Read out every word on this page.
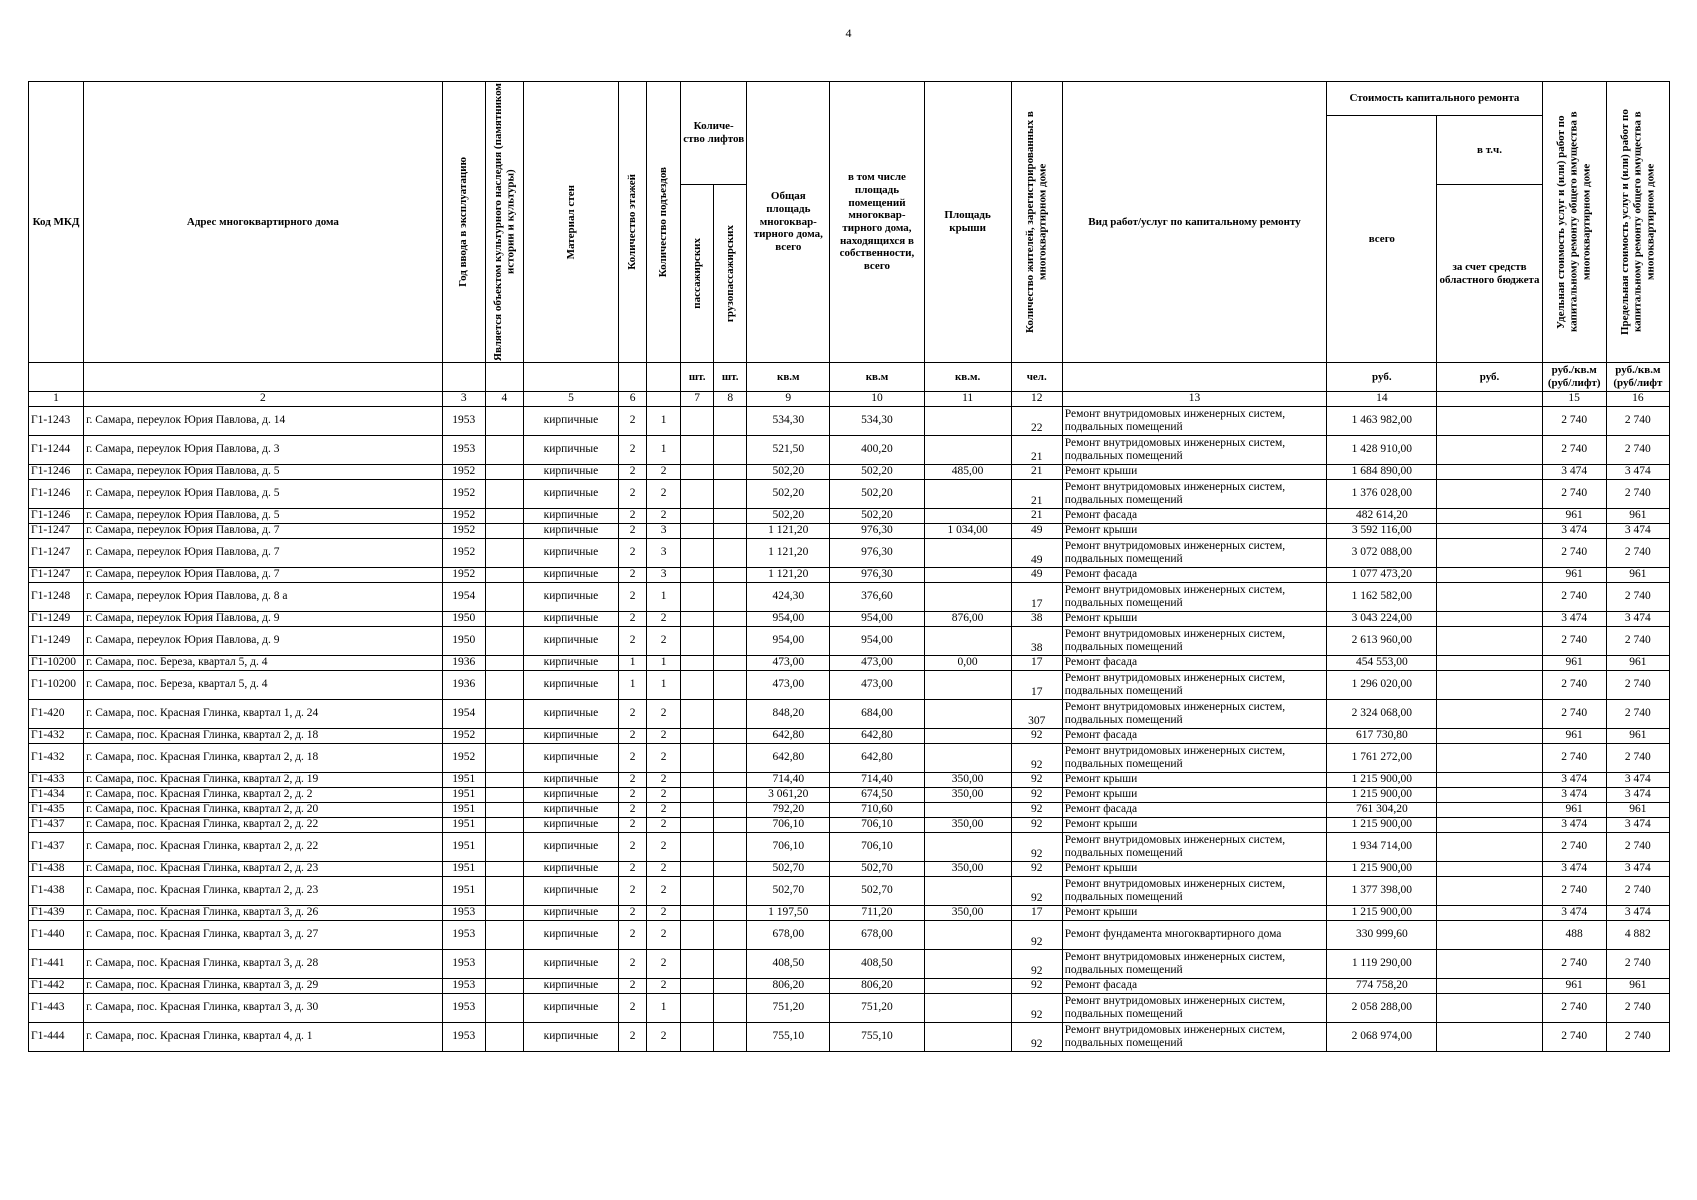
4
Код МКД	Адрес многоквартирного дома	Год ввода в эксплуатацию	Является объектом культурного наследия (памятником истории и культуры)	Материал стен	Количество этажей	Количество подъездов	Количе- ство лифтов		Общая площадь многоквар- тирного дома, всего	в том числе площадь помещений многоквар- тирного дома, находящихся в собственности, всего	Площадь крыши	Количество жителей, зарегистрированных в многоквартирном доме	Вид работ/услуг по капитальному ремонту	Стоимость капитального ремонта		Удельная стоимость услуг и (или) работ по капитальному ремонту общего имущества в многоквартирном доме	Предельная стоимость услуг и (или) работ по капитальному ремонту общего имущества в многоквартирном доме

														всего	в т.ч.		

							пассажирских	грузопассажирских							за счет средств областного бюджета		
							шт.	шт.	кв.м	кв.м	кв.м.	чел.		руб.	руб.	руб./кв.м (руб/лифт)	руб./кв.м (руб/лифт
1	2	3	4	5	6		7	8	9	10	11	12	13	14		15	16
Г1-1243	г. Самара, переулок Юрия Павлова, д. 14	1953		кирпичные	2	1			534,30	534,30		22	Ремонт внутридомовых инженерных систем, подвальных помещений	1 463 982,00		2 740	2 740
Г1-1244	г. Самара, переулок Юрия Павлова, д. 3	1953		кирпичные	2	1			521,50	400,20		21	Ремонт внутридомовых инженерных систем, подвальных помещений	1 428 910,00		2 740	2 740
Г1-1246	г. Самара, переулок Юрия Павлова, д. 5	1952		кирпичные	2	2			502,20	502,20	485,00	21	Ремонт крыши	1 684 890,00		3 474	3 474
Г1-1246	г. Самара, переулок Юрия Павлова, д. 5	1952		кирпичные	2	2			502,20	502,20		21	Ремонт внутридомовых инженерных систем, подвальных помещений	1 376 028,00		2 740	2 740
Г1-1246	г. Самара, переулок Юрия Павлова, д. 5	1952		кирпичные	2	2			502,20	502,20		21	Ремонт фасада	482 614,20		961	961
Г1-1247	г. Самара, переулок Юрия Павлова, д. 7	1952		кирпичные	2	3			1 121,20	976,30	1 034,00	49	Ремонт крыши	3 592 116,00		3 474	3 474
Г1-1247	г. Самара, переулок Юрия Павлова, д. 7	1952		кирпичные	2	3			1 121,20	976,30		49	Ремонт внутридомовых инженерных систем, подвальных помещений	3 072 088,00		2 740	2 740
Г1-1247	г. Самара, переулок Юрия Павлова, д. 7	1952		кирпичные	2	3			1 121,20	976,30		49	Ремонт фасада	1 077 473,20		961	961
Г1-1248	г. Самара, переулок Юрия Павлова, д. 8 а	1954		кирпичные	2	1			424,30	376,60		17	Ремонт внутридомовых инженерных систем, подвальных помещений	1 162 582,00		2 740	2 740
Г1-1249	г. Самара, переулок Юрия Павлова, д. 9	1950		кирпичные	2	2			954,00	954,00	876,00	38	Ремонт крыши	3 043 224,00		3 474	3 474
Г1-1249	г. Самара, переулок Юрия Павлова, д. 9	1950		кирпичные	2	2			954,00	954,00		38	Ремонт внутридомовых инженерных систем, подвальных помещений	2 613 960,00		2 740	2 740
Г1-10200	г. Самара, пос. Береза, квартал 5, д. 4	1936		кирпичные	1	1			473,00	473,00	0,00	17	Ремонт фасада	454 553,00		961	961
Г1-10200	г. Самара, пос. Береза, квартал 5, д. 4	1936		кирпичные	1	1			473,00	473,00		17	Ремонт внутридомовых инженерных систем, подвальных помещений	1 296 020,00		2 740	2 740
Г1-420	г. Самара, пос. Красная Глинка, квартал 1, д. 24	1954		кирпичные	2	2			848,20	684,00		307	Ремонт внутридомовых инженерных систем, подвальных помещений	2 324 068,00		2 740	2 740
Г1-432	г. Самара, пос. Красная Глинка, квартал 2, д. 18	1952		кирпичные	2	2			642,80	642,80		92	Ремонт фасада	617 730,80		961	961
Г1-432	г. Самара, пос. Красная Глинка, квартал 2, д. 18	1952		кирпичные	2	2			642,80	642,80		92	Ремонт внутридомовых инженерных систем, подвальных помещений	1 761 272,00		2 740	2 740
Г1-433	г. Самара, пос. Красная Глинка, квартал 2, д. 19	1951		кирпичные	2	2			714,40	714,40	350,00	92	Ремонт крыши	1 215 900,00		3 474	3 474
Г1-434	г. Самара, пос. Красная Глинка, квартал 2, д. 2	1951		кирпичные	2	2			3 061,20	674,50	350,00	92	Ремонт крыши	1 215 900,00		3 474	3 474
Г1-435	г. Самара, пос. Красная Глинка, квартал 2, д. 20	1951		кирпичные	2	2			792,20	710,60		92	Ремонт фасада	761 304,20		961	961
Г1-437	г. Самара, пос. Красная Глинка, квартал 2, д. 22	1951		кирпичные	2	2			706,10	706,10	350,00	92	Ремонт крыши	1 215 900,00		3 474	3 474
Г1-437	г. Самара, пос. Красная Глинка, квартал 2, д. 22	1951		кирпичные	2	2			706,10	706,10		92	Ремонт внутридомовых инженерных систем, подвальных помещений	1 934 714,00		2 740	2 740
Г1-438	г. Самара, пос. Красная Глинка, квартал 2, д. 23	1951		кирпичные	2	2			502,70	502,70	350,00	92	Ремонт крыши	1 215 900,00		3 474	3 474
Г1-438	г. Самара, пос. Красная Глинка, квартал 2, д. 23	1951		кирпичные	2	2			502,70	502,70		92	Ремонт внутридомовых инженерных систем, подвальных помещений	1 377 398,00		2 740	2 740
Г1-439	г. Самара, пос. Красная Глинка, квартал 3, д. 26	1953		кирпичные	2	2			1 197,50	711,20	350,00	17	Ремонт крыши	1 215 900,00		3 474	3 474
Г1-440	г. Самара, пос. Красная Глинка, квартал 3, д. 27	1953		кирпичные	2	2			678,00	678,00		92	Ремонт фундамента многоквартирного дома	330 999,60		488	4 882
Г1-441	г. Самара, пос. Красная Глинка, квартал 3, д. 28	1953		кирпичные	2	2			408,50	408,50		92	Ремонт внутридомовых инженерных систем, подвальных помещений	1 119 290,00		2 740	2 740
Г1-442	г. Самара, пос. Красная Глинка, квартал 3, д. 29	1953		кирпичные	2	2			806,20	806,20		92	Ремонт фасада	774 758,20		961	961
Г1-443	г. Самара, пос. Красная Глинка, квартал 3, д. 30	1953		кирпичные	2	1			751,20	751,20		92	Ремонт внутридомовых инженерных систем, подвальных помещений	2 058 288,00		2 740	2 740
Г1-444	г. Самара, пос. Красная Глинка, квартал 4, д. 1	1953		кирпичные	2	2			755,10	755,10		92	Ремонт внутридомовых инженерных систем, подвальных помещений	2 068 974,00		2 740	2 740
